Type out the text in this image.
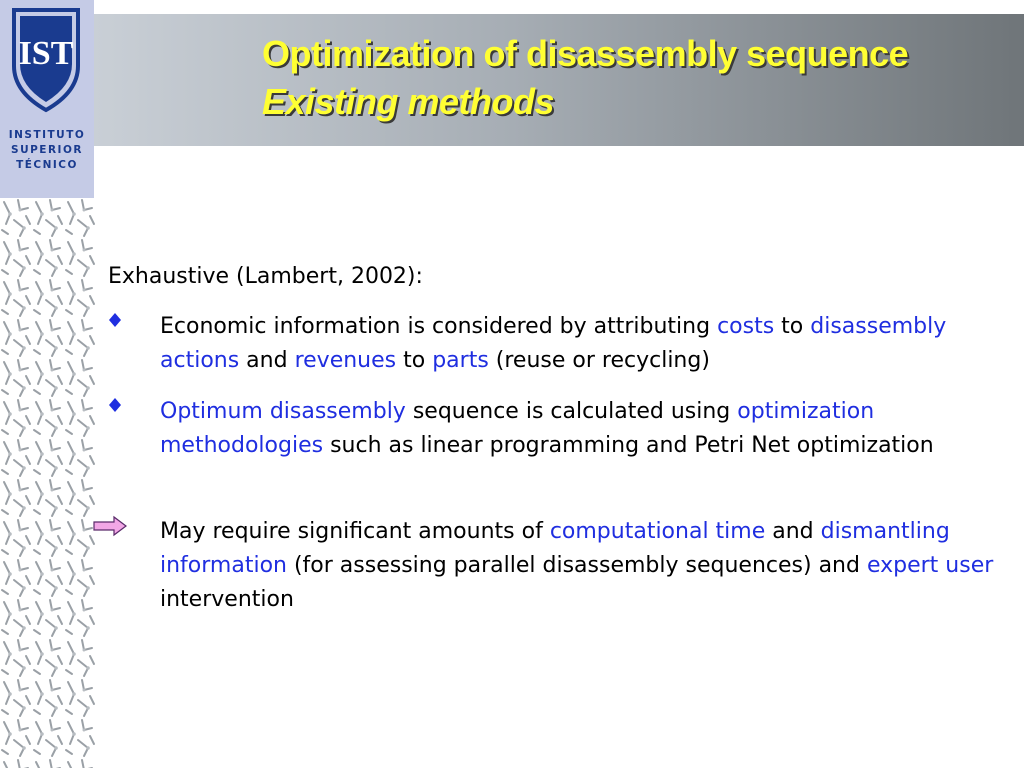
IST
INSTITUTO
SUPERIOR
TÉCNICO
Optimization of disassembly sequence
Existing methods
Exhaustive (Lambert, 2002):
Economic information is considered by attributing costs to disassembly actions and revenues to parts (reuse or recycling)
Optimum disassembly sequence is calculated using optimization methodologies such as linear programming and Petri Net optimization
May require significant amounts of computational time and dismantling information (for assessing parallel disassembly sequences) and expert user intervention
